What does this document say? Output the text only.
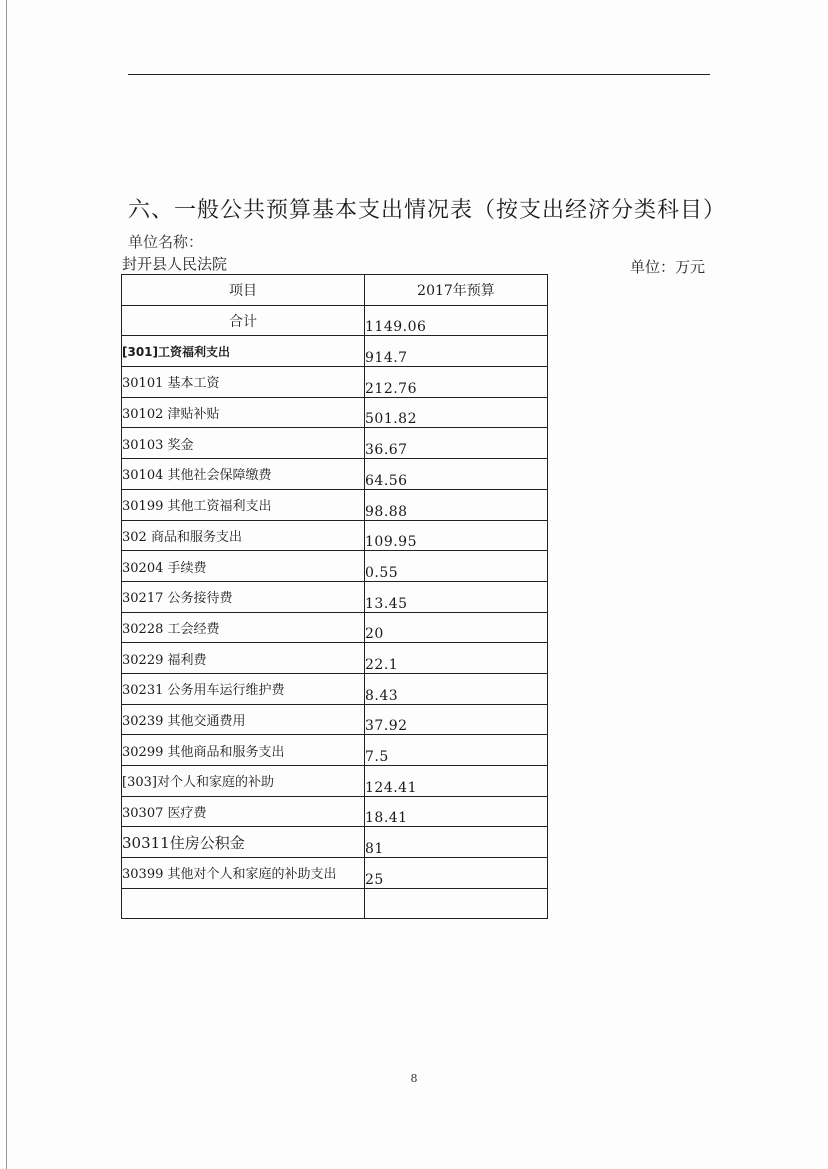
六、一般公共预算基本支出情况表（按支出经济分类科目）
单位名称：
封开县人民法院	单位：万元
项目	2017年预算
合计	1149.06
[301]工资福利支出	914.7
30101 基本工资	212.76
30102 津贴补贴	501.82
30103 奖金	36.67
30104 其他社会保障缴费	64.56
30199 其他工资福利支出	98.88
302 商品和服务支出	109.95
30204 手续费	0.55
30217 公务接待费	13.45
30228 工会经费	20
30229 福利费	22.1
30231 公务用车运行维护费	8.43
30239 其他交通费用	37.92
30299 其他商品和服务支出	7.5
[303]对个人和家庭的补助	124.41
30307 医疗费	18.41
30311住房公积金	81
30399 其他对个人和家庭的补助支出	25

8
